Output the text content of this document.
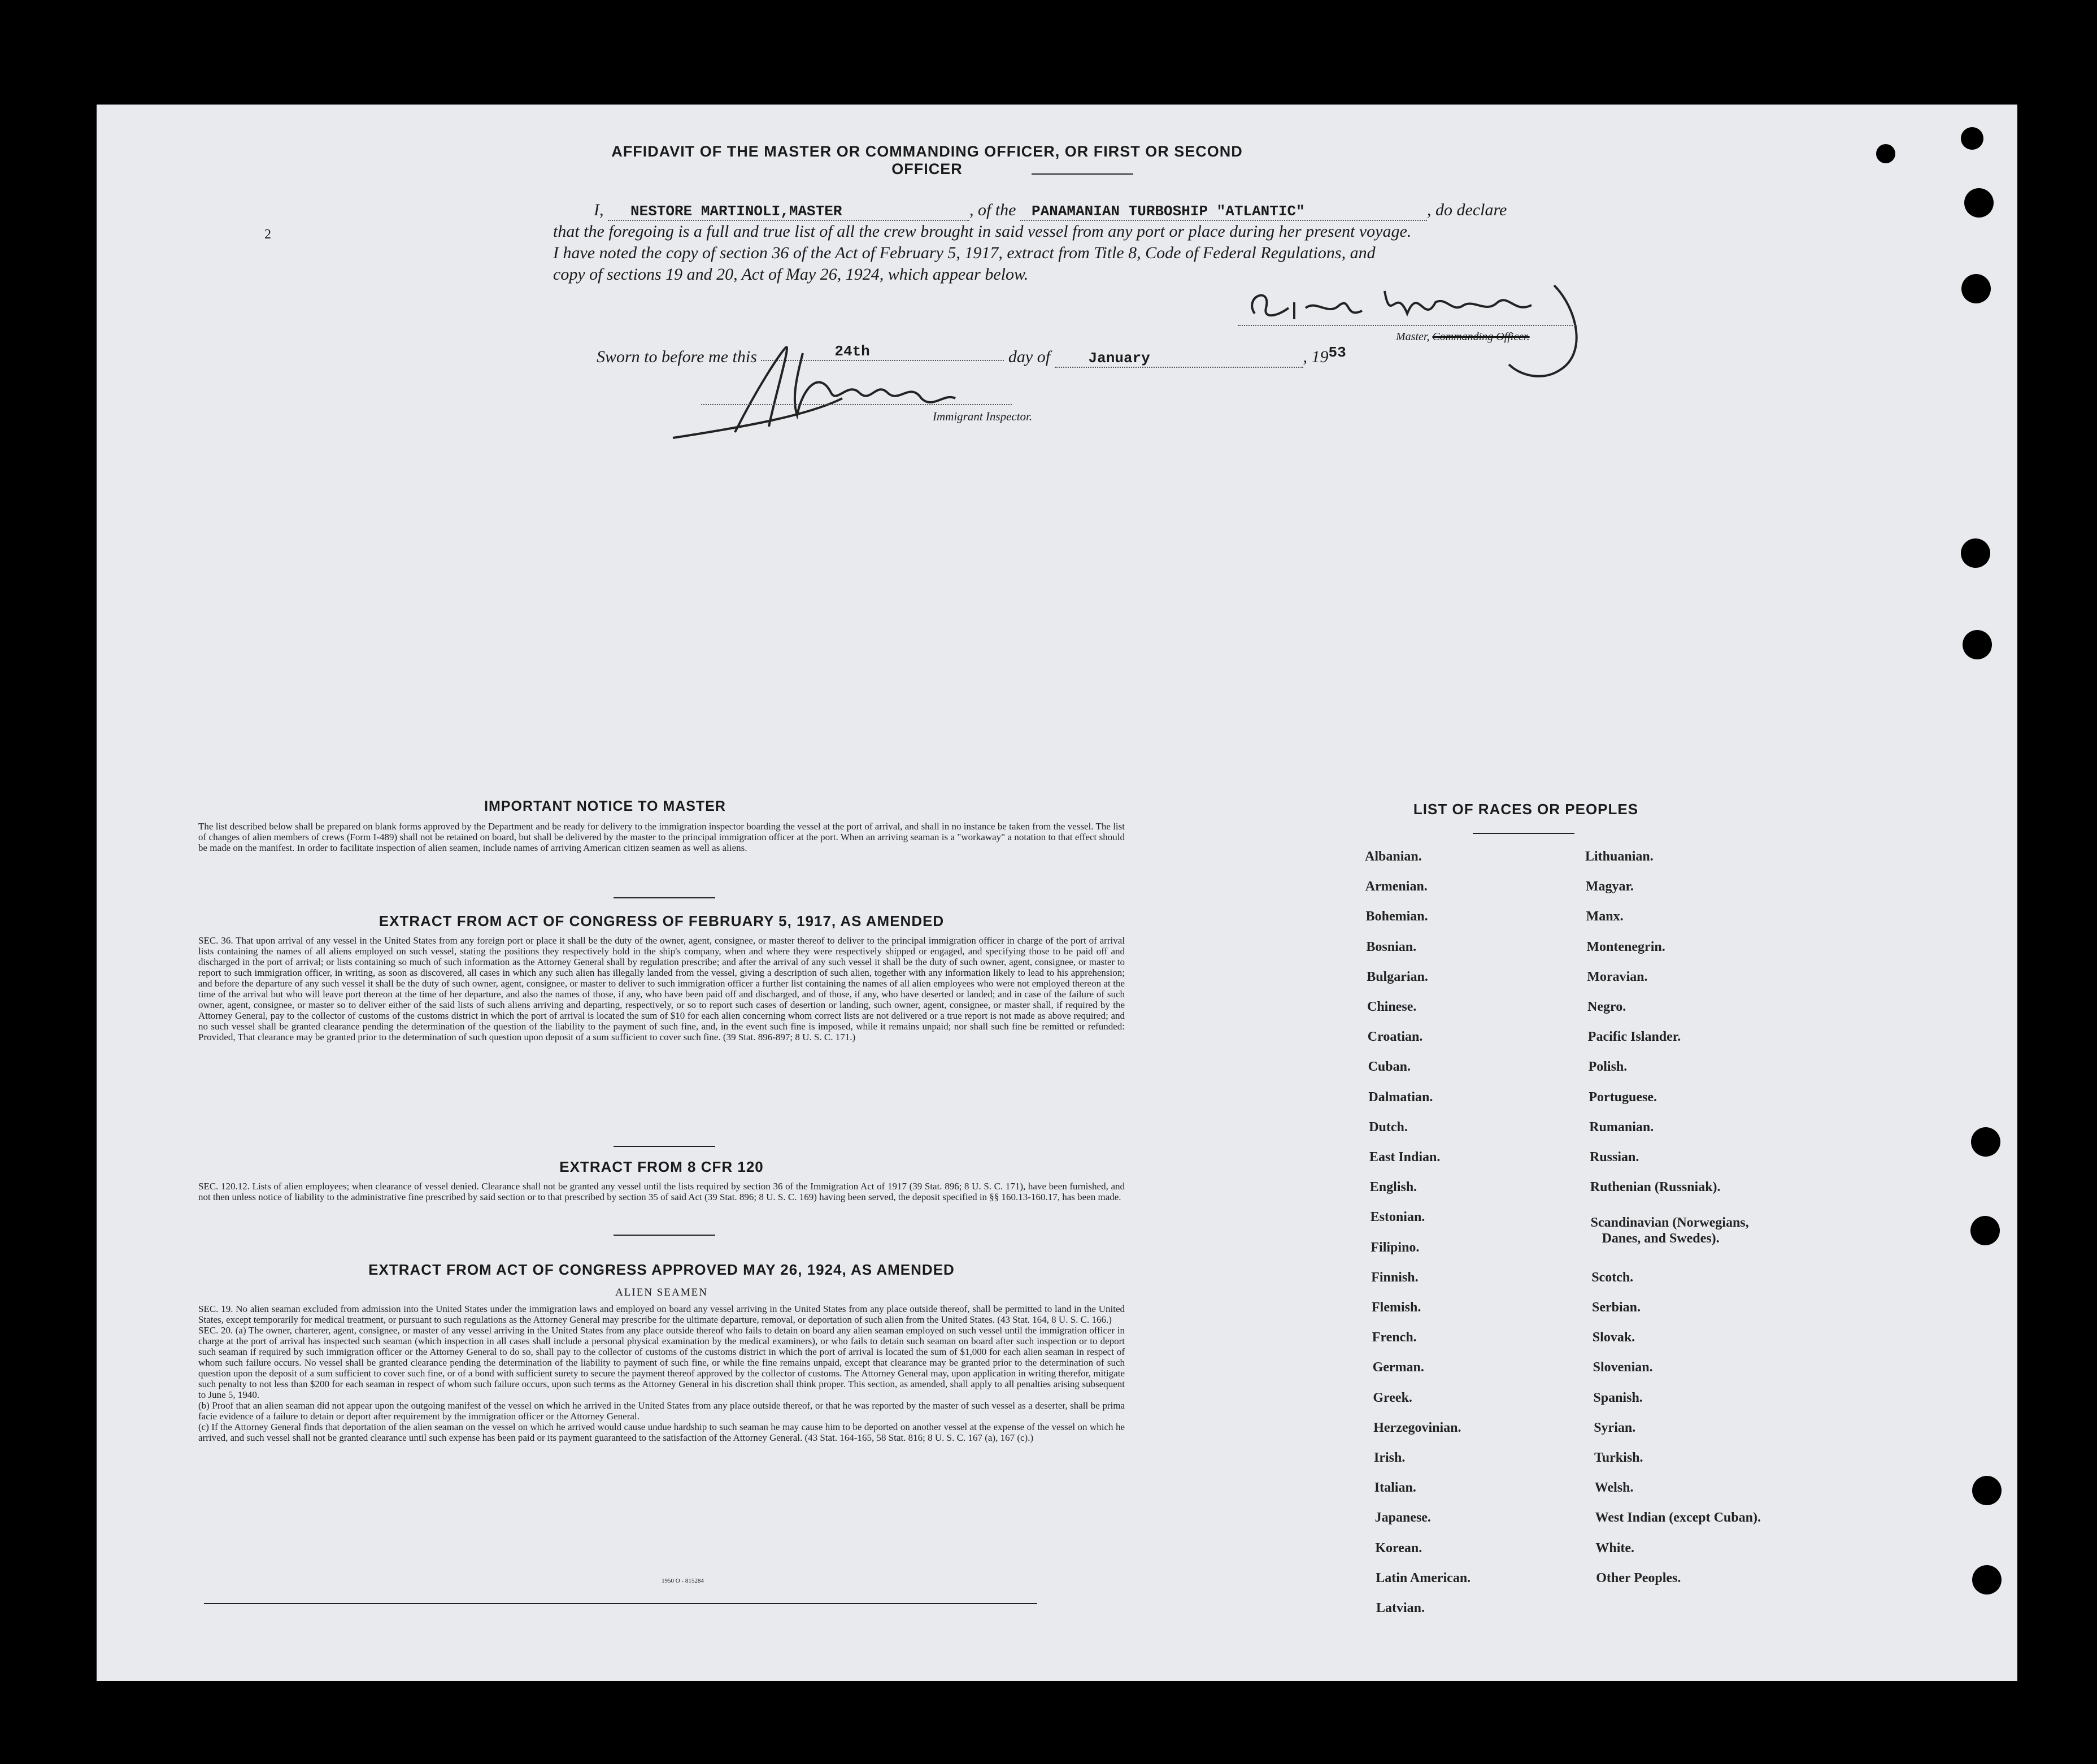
AFFIDAVIT OF THE MASTER OR COMMANDING OFFICER, OR FIRST OR SECOND OFFICER
2
I, NESTORE MARTINOLI,MASTER	, of the PANAMANIAN TURBOSHIP "ATLANTIC"	, do declare
that the foregoing is a full and true list of all the crew brought in said vessel from any port or place during her present voyage.
I have noted the copy of section 36 of the Act of February 5, 1917, extract from Title 8, Code of Federal Regulations, and
copy of sections 19 and 20, Act of May 26, 1924, which appear below.
Master, Commanding Officer.
Sworn to before me this	24th	day of	January	, 1953
Immigrant Inspector.
IMPORTANT NOTICE TO MASTER
The list described below shall be prepared on blank forms approved by the Department and be ready for delivery to the immigration inspector boarding the vessel at the port of arrival, and shall in no instance be taken from the vessel. The list of changes of alien members of crews (Form I-489) shall not be retained on board, but shall be delivered by the master to the principal immigration officer at the port. When an arriving seaman is a "workaway" a notation to that effect should be made on the manifest. In order to facilitate inspection of alien seamen, include names of arriving American citizen seamen as well as aliens.
EXTRACT FROM ACT OF CONGRESS OF FEBRUARY 5, 1917, AS AMENDED
SEC. 36. That upon arrival of any vessel in the United States from any foreign port or place it shall be the duty of the owner, agent, consignee, or master thereof to deliver to the principal immigration officer in charge of the port of arrival lists containing the names of all aliens employed on such vessel, stating the positions they respectively hold in the ship's company, when and where they were respectively shipped or engaged, and specifying those to be paid off and discharged in the port of arrival; or lists containing so much of such information as the Attorney General shall by regulation prescribe; and after the arrival of any such vessel it shall be the duty of such owner, agent, consignee, or master to report to such immigration officer, in writing, as soon as discovered, all cases in which any such alien has illegally landed from the vessel, giving a description of such alien, together with any information likely to lead to his apprehension; and before the departure of any such vessel it shall be the duty of such owner, agent, consignee, or master to deliver to such immigration officer a further list containing the names of all alien employees who were not employed thereon at the time of the arrival but who will leave port thereon at the time of her departure, and also the names of those, if any, who have been paid off and discharged, and of those, if any, who have deserted or landed; and in case of the failure of such owner, agent, consignee, or master so to deliver either of the said lists of such aliens arriving and departing, respectively, or so to report such cases of desertion or landing, such owner, agent, consignee, or master shall, if required by the Attorney General, pay to the collector of customs of the customs district in which the port of arrival is located the sum of $10 for each alien concerning whom correct lists are not delivered or a true report is not made as above required; and no such vessel shall be granted clearance pending the determination of the question of the liability to the payment of such fine, and, in the event such fine is imposed, while it remains unpaid; nor shall such fine be remitted or refunded: Provided, That clearance may be granted prior to the determination of such question upon deposit of a sum sufficient to cover such fine. (39 Stat. 896-897; 8 U. S. C. 171.)
EXTRACT FROM 8 CFR 120
SEC. 120.12. Lists of alien employees; when clearance of vessel denied. Clearance shall not be granted any vessel until the lists required by section 36 of the Immigration Act of 1917 (39 Stat. 896; 8 U. S. C. 171), have been furnished, and not then unless notice of liability to the administrative fine prescribed by said section or to that prescribed by section 35 of said Act (39 Stat. 896; 8 U. S. C. 169) having been served, the deposit specified in §§ 160.13-160.17, has been made.
EXTRACT FROM ACT OF CONGRESS APPROVED MAY 26, 1924, AS AMENDED
ALIEN SEAMEN
SEC. 19. No alien seaman excluded from admission into the United States under the immigration laws and employed on board any vessel arriving in the United States from any place outside thereof, shall be permitted to land in the United States, except temporarily for medical treatment, or pursuant to such regulations as the Attorney General may prescribe for the ultimate departure, removal, or deportation of such alien from the United States. (43 Stat. 164, 8 U. S. C. 166.)
SEC. 20. (a) The owner, charterer, agent, consignee, or master of any vessel arriving in the United States from any place outside thereof who fails to detain on board any alien seaman employed on such vessel until the immigration officer in charge at the port of arrival has inspected such seaman (which inspection in all cases shall include a personal physical examination by the medical examiners), or who fails to detain such seaman on board after such inspection or to deport such seaman if required by such immigration officer or the Attorney General to do so, shall pay to the collector of customs of the customs district in which the port of arrival is located the sum of $1,000 for each alien seaman in respect of whom such failure occurs. No vessel shall be granted clearance pending the determination of the liability to payment of such fine, or while the fine remains unpaid, except that clearance may be granted prior to the determination of such question upon the deposit of a sum sufficient to cover such fine, or of a bond with sufficient surety to secure the payment thereof approved by the collector of customs. The Attorney General may, upon application in writing therefor, mitigate such penalty to not less than $200 for each seaman in respect of whom such failure occurs, upon such terms as the Attorney General in his discretion shall think proper. This section, as amended, shall apply to all penalties arising subsequent to June 5, 1940.
(b) Proof that an alien seaman did not appear upon the outgoing manifest of the vessel on which he arrived in the United States from any place outside thereof, or that he was reported by the master of such vessel as a deserter, shall be prima facie evidence of a failure to detain or deport after requirement by the immigration officer or the Attorney General.
(c) If the Attorney General finds that deportation of the alien seaman on the vessel on which he arrived would cause undue hardship to such seaman he may cause him to be deported on another vessel at the expense of the vessel on which he arrived, and such vessel shall not be granted clearance until such expense has been paid or its payment guaranteed to the satisfaction of the Attorney General. (43 Stat. 164-165, 58 Stat. 816; 8 U. S. C. 167 (a), 167 (c).)
1950 O - 815284
LIST OF RACES OR PEOPLES
Albanian.
Armenian.
Bohemian.
Bosnian.
Bulgarian.
Chinese.
Croatian.
Cuban.
Dalmatian.
Dutch.
East Indian.
English.
Estonian.
Filipino.
Finnish.
Flemish.
French.
German.
Greek.
Herzegovinian.
Irish.
Italian.
Japanese.
Korean.
Latin American.
Latvian.
Lithuanian.
Magyar.
Manx.
Montenegrin.
Moravian.
Negro.
Pacific Islander.
Polish.
Portuguese.
Rumanian.
Russian.
Ruthenian (Russniak).
Scandinavian (Norwegians,
Danes, and Swedes).
Scotch.
Serbian.
Slovak.
Slovenian.
Spanish.
Syrian.
Turkish.
Welsh.
West Indian (except Cuban).
White.
Other Peoples.
